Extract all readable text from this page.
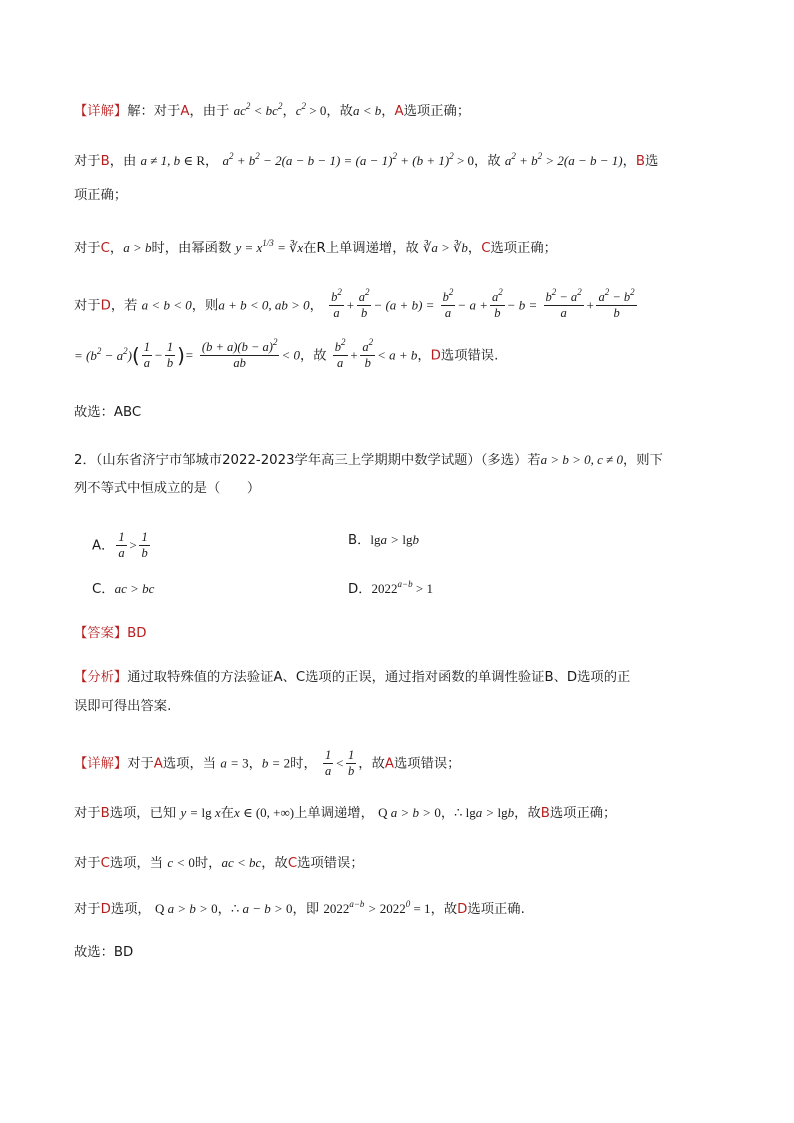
【详解】解：对于A，由于 $ac^2 < bc^2$，$c^2 > 0$，故a < b，A选项正确；
对于B，由 a ≠ 1, b ∈ R， $a^2 + b^2 - 2(a - b - 1) = (a - 1)^2 + (b + 1)^2 > 0$，故 $a^2 + b^2 > 2(a - b - 1)$，B选
项正确；
对于C，a > b时，由幂函数 $y = x^{1/3}$ = ∛x在R上单调递增，故 ∛a > ∛b，C选项正确；
对于D，若 a < b < 0，则a + b < 0, ab > 0， $\frac{b^2}{a} + \frac{a^2}{b} - (a + b) = \frac{b^2}{a} - a + \frac{a^2}{b} - b = \frac{b^2 - a^2}{a} + \frac{a^2 - b^2}{b}$
= $(b^2 - a^2)( \frac{1}{a} - \frac{1}{b}$ )= $\frac{(b + a)(b - a)^2}{ab} < 0$，故 $\frac{b^2}{a} + \frac{a^2}{b} < a + b$，D选项错误.
故选：ABC
2．（山东省济宁市邹城市2022-2023学年高三上学期期中数学试题）（多选）若a > b > 0, c ≠ 0，则下
列不等式中恒成立的是（　　）
A． $\frac{1}{a} > \frac{1}{b}$	B．lga > lgb
C．ac > bc	D．$2022^{a-b} > 1$
【答案】BD
【分析】通过取特殊值的方法验证A、C选项的正误，通过指对函数的单调性验证B、D选项的正
误即可得出答案.
【详解】对于A选项，当 a = 3，b = 2时， $\frac{1}{a} < \frac{1}{b}$ ，故A选项错误；
对于B选项，已知 y = lg x在x ∈ (0, +∞)上单调递增， Q a > b > 0，∴ lga > lgb，故B选项正确；
对于C选项，当 c < 0时，ac < bc，故C选项错误；
对于D选项， Q a > b > 0，∴ a − b > 0，即 $2022^{a-b} > 2022^0 = 1$，故D选项正确.
故选：BD
